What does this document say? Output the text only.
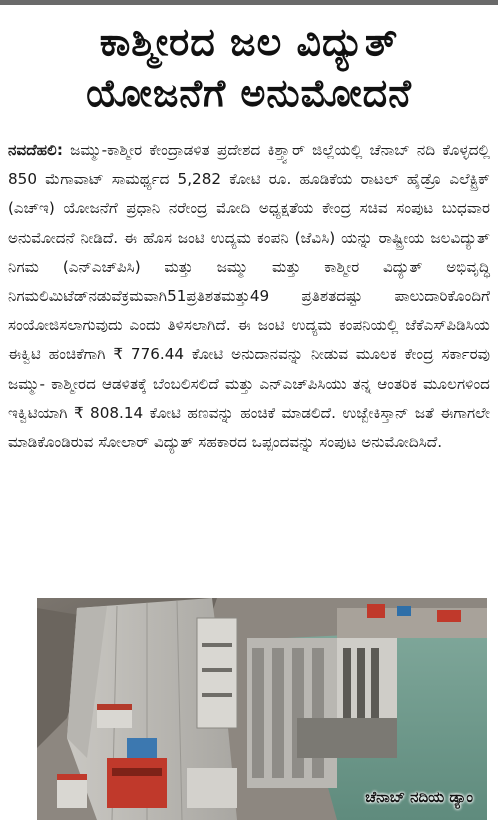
ಕಾಶ್ಮೀರದ ಜಲ ವಿದ್ಯುತ್
ಯೋಜನೆಗೆ ಅನುಮೋದನೆ
ನವದೆಹಲಿ: ಜಮ್ಮು-ಕಾಶ್ಮೀರ ಕೇಂದ್ರಾಡಳಿತ ಪ್ರದೇಶದ ಕಿಶ್ತ್ವಾರ್ ಜಿಲ್ಲೆಯಲ್ಲಿ ಚೆನಾಬ್ ನದಿ ಕೊಳ್ಳದಲ್ಲಿ 850 ಮೆಗಾವಾಟ್ ಸಾಮರ್ಥ್ಯದ 5,282 ಕೋಟಿ ರೂ. ಹೂಡಿಕೆಯ ರಾಟಲ್ ಹೈಡ್ರೊ ಎಲೆಕ್ಟ್ರಿಕ್ (ಎಚ್‌ಇ) ಯೋಜನೆಗೆ ಪ್ರಧಾನಿ ನರೇಂದ್ರ ಮೋದಿ ಅಧ್ಯಕ್ಷತೆಯ ಕೇಂದ್ರ ಸಚಿವ ಸಂಪುಟ ಬುಧವಾರ ಅನುಮೋದನೆ ನೀಡಿದೆ. ಈ ಹೊಸ ಜಂಟಿ ಉದ್ಯಮ ಕಂಪನಿ (ಜೆವಿಸಿ) ಯನ್ನು ರಾಷ್ಟ್ರೀಯ ಜಲವಿದ್ಯುತ್ ನಿಗಮ (ಎನ್‌ಎಚ್‌ಪಿಸಿ) ಮತ್ತು ಜಮ್ಮು ಮತ್ತು ಕಾಶ್ಮೀರ ವಿದ್ಯುತ್ ಅಭಿವೃದ್ಧಿ ನಿಗಮಲಿಮಿಟೆಡ್‌ನಡುವೆಕ್ರಮವಾಗಿ51ಪ್ರತಿಶತಮತ್ತು49 ಪ್ರತಿಶತದಷ್ಟು ಪಾಲುದಾರಿಕೊಂದಿಗೆ ಸಂಯೋಜಿಸಲಾಗುವುದು ಎಂದು ತಿಳಿಸಲಾಗಿದೆ. ಈ ಜಂಟಿ ಉದ್ಯಮ ಕಂಪನಿಯಲ್ಲಿ ಜೆಕೆಎಸ್‌ಪಿಡಿಸಿಯ ಈಕ್ವಿಟಿ ಹಂಚಿಕೆಗಾಗಿ ₹ 776.44 ಕೋಟಿ ಅನುದಾನವನ್ನು ನೀಡುವ ಮೂಲಕ ಕೇಂದ್ರ ಸರ್ಕಾರವು ಜಮ್ಮು- ಕಾಶ್ಮೀರದ ಆಡಳಿತಕ್ಕೆ ಬೆಂಬಲಿಸಲಿದೆ ಮತ್ತು ಎನ್‌ಎಚ್‌ಪಿಸಿಯು ತನ್ನ ಆಂತರಿಕ ಮೂಲಗಳಿಂದ ಇಕ್ವಿಟಿಯಾಗಿ ₹ 808.14 ಕೋಟಿ ಹಣವನ್ನು ಹಂಚಿಕೆ ಮಾಡಲಿದೆ. ಉಜ್ಬೇಕಿಸ್ತಾನ್ ಜತೆ ಈಗಾಗಲೇ ಮಾಡಿಕೊಂಡಿರುವ ಸೋಲಾರ್ ವಿದ್ಯುತ್ ಸಹಕಾರದ ಒಪ್ಪಂದವನ್ನು ಸಂಪುಟ ಅನುಮೋದಿಸಿದೆ.
ಚೆನಾಬ್ ನದಿಯ ಡ್ಯಾಂ
